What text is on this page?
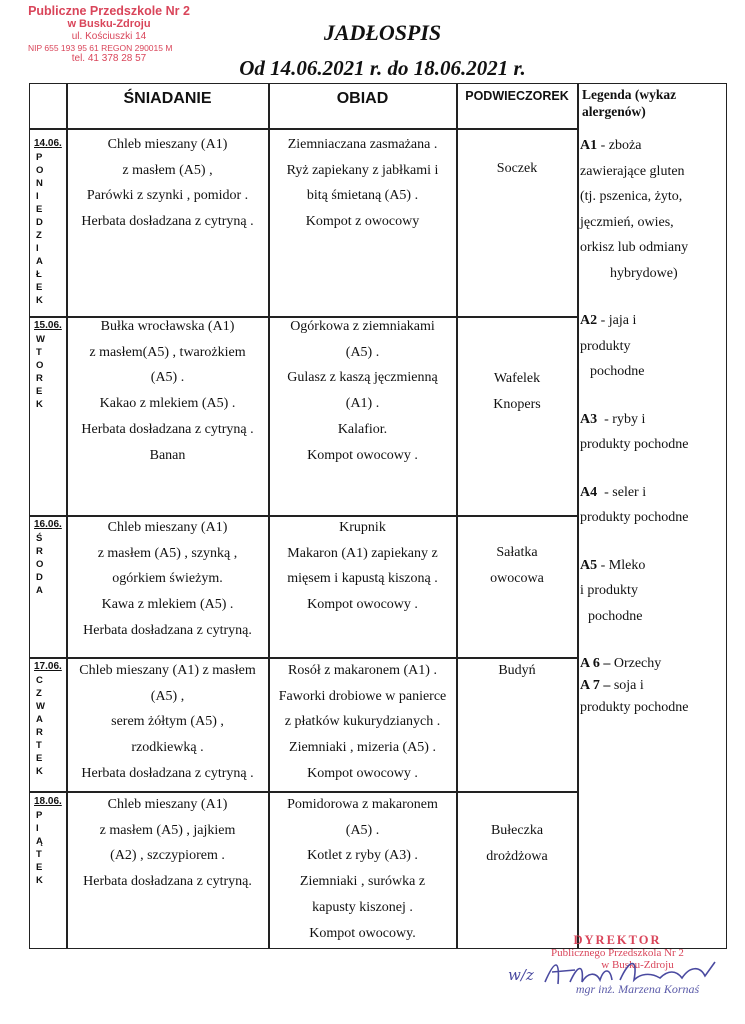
Publiczne Przedszkole Nr 2
w Busku-Zdroju
ul. Kościuszki 14
NIP 655 193 95 61 REGON 290015 M
tel. 41 378 28 57
JADŁOSPIS
Od 14.06.2021 r. do 18.06.2021 r.
ŚNIADANIE	OBIAD	PODWIECZOREK Legenda (wykaz
alergenów)
14.06.
P
O
N
I
E
D
Z
I
A
Ł
E
K
Chleb mieszany (A1)
z masłem (A5) ,
Parówki z szynki , pomidor .
Herbata dosładzana z cytryną .
Ziemniaczana zasmażana .
Ryż zapiekany z jabłkami i
bitą śmietaną (A5) .
Kompot z owocowy
Soczek
15.06.
W
T
O
R
E
K
Bułka wrocławska (A1)
z masłem(A5) , twarożkiem
(A5) .
Kakao z mlekiem (A5) .
Herbata dosładzana z cytryną .
Banan
Ogórkowa z ziemniakami
(A5) .
Gulasz z kaszą jęczmienną
(A1) .
Kalafior.
Kompot owocowy .
Wafelek
Knopers
16.06.
Ś
R
O
D
A
Chleb mieszany (A1)
z masłem (A5) , szynką ,
ogórkiem świeżym.
Kawa z mlekiem (A5) .
Herbata dosładzana z cytryną.
Krupnik
Makaron (A1) zapiekany z
mięsem i kapustą kiszoną .
Kompot owocowy .
Sałatka
owocowa
17.06.
C
Z
W
A
R
T
E
K
Chleb mieszany (A1) z masłem
(A5) ,
serem żółtym (A5) ,
rzodkiewką .
Herbata dosładzana z cytryną .
Rosół z makaronem (A1) .
Faworki drobiowe w panierce
z płatków kukurydzianych .
Ziemniaki , mizeria (A5) .
Kompot owocowy .
Budyń
18.06.
P
I
Ą
T
E
K
Chleb mieszany (A1)
z masłem (A5) , jajkiem
(A2) , szczypiorem .
Herbata dosładzana z cytryną.
Pomidorowa z makaronem
(A5) .
Kotlet z ryby (A3) .
Ziemniaki , surówka z
kapusty kiszonej .
Kompot owocowy.
Bułeczka
drożdżowa

A1 - zboża
zawierające gluten
(tj. pszenica, żyto,
jęczmień, owies,
orkisz lub odmiany
hybrydowe)

A2 - jaja i
produkty
pochodne

A3  - ryby i
produkty pochodne

A4  - seler i
produkty pochodne

A5 - Mleko
i produkty
pochodne

A 6 – Orzechy

A 7 – soja i
produkty pochodne

DYREKTOR
Publicznego Przedszkola Nr 2
w Busku-Zdroju
w/z
mgr inż. Marzena Kornaś
